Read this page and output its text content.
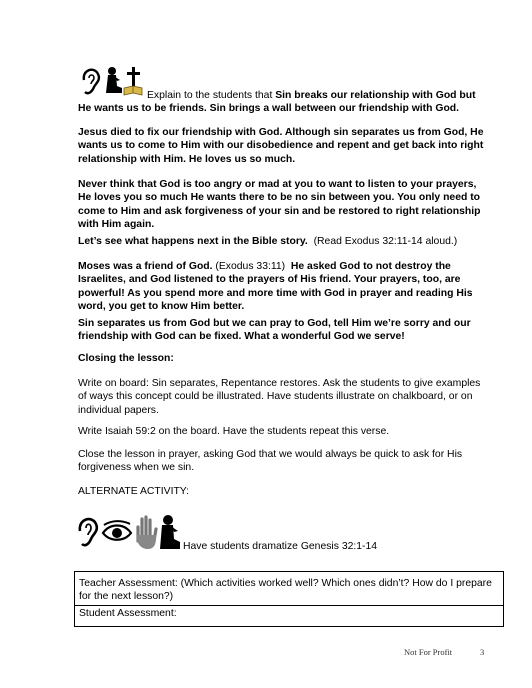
Explain to the students that Sin breaks our relationship with God but He wants us to be friends. Sin brings a wall between our friendship with God.

Jesus died to fix our friendship with God. Although sin separates us from God, He wants us to come to Him with our disobedience and repent and get back into right relationship with Him. He loves us so much.

Never think that God is too angry or mad at you to want to listen to your prayers, He loves you so much He wants there to be no sin between you. You only need to come to Him and ask forgiveness of your sin and be restored to right relationship with Him again.

Let’s see what happens next in the Bible story.  (Read Exodus 32:11-14 aloud.)
Moses was a friend of God. (Exodus 33:11)  He asked God to not destroy the Israelites, and God listened to the prayers of His friend. Your prayers, too, are powerful! As you spend more and more time with God in prayer and reading His word, you get to know Him better.

Sin separates us from God but we can pray to God, tell Him we’re sorry and our friendship with God can be fixed. What a wonderful God we serve!

Closing the lesson:

Write on board: Sin separates, Repentance restores. Ask the students to give examples of ways this concept could be illustrated. Have students illustrate on chalkboard, or on individual papers.

Write Isaiah 59:2 on the board. Have the students repeat this verse.

Close the lesson in prayer, asking God that we would always be quick to ask for His forgiveness when we sin.

ALTERNATE ACTIVITY:

Have students dramatize Genesis 32:1-14
Teacher Assessment: (Which activities worked well? Which ones didn’t? How do I prepare for the next lesson?)
Student Assessment:
Not For Profit	3
